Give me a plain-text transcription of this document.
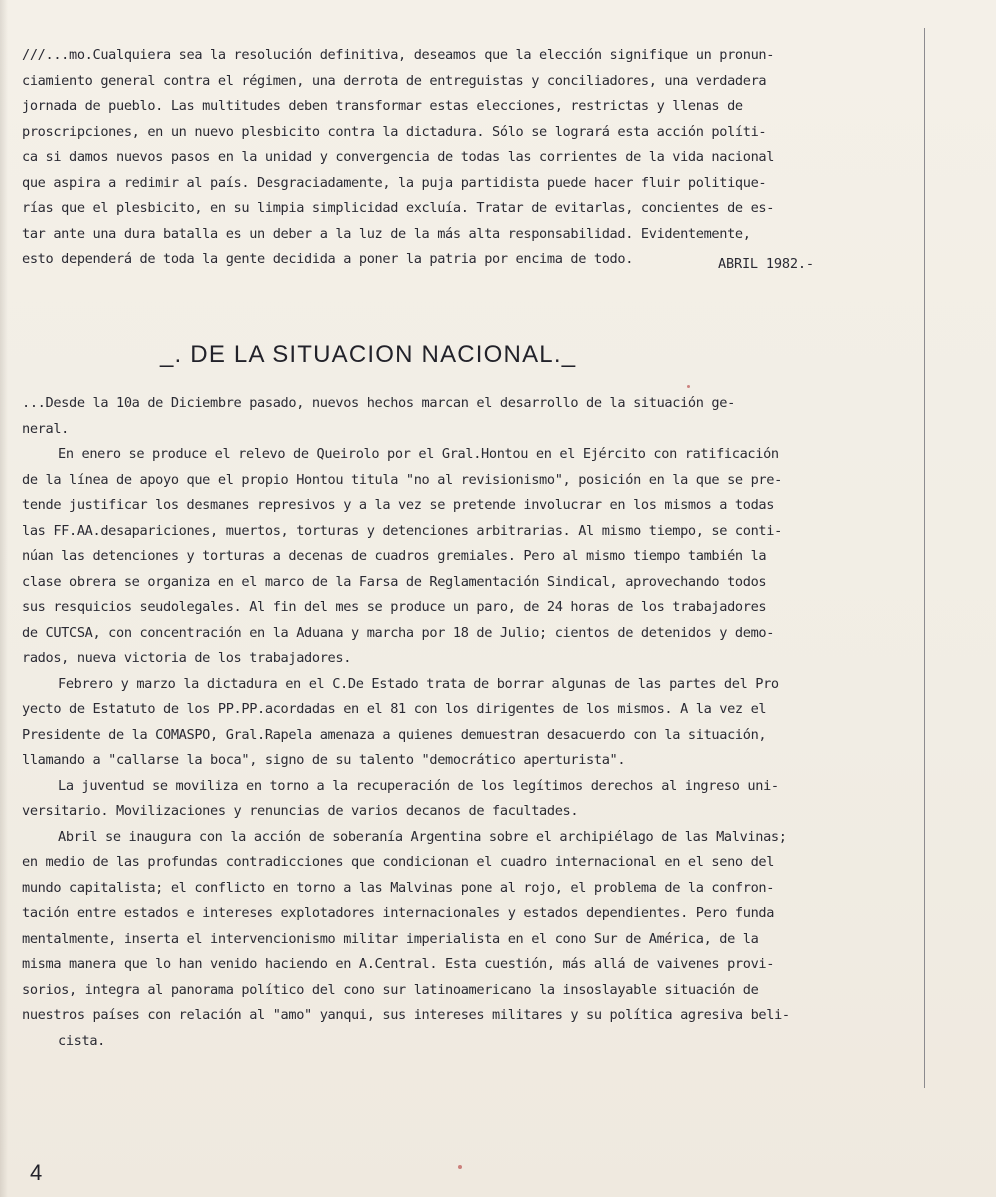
///...mo.Cualquiera sea la resolución definitiva, deseamos que la elección signifique un pronun-
ciamiento general contra el régimen, una derrota de entreguistas y conciliadores, una verdadera
jornada de pueblo. Las multitudes deben transformar estas elecciones, restrictas y llenas de
proscripciones, en un nuevo plesbicito contra la dictadura. Sólo se logrará esta acción políti-
ca si damos nuevos pasos en la unidad y convergencia de todas las corrientes de la vida nacional
que aspira a redimir al país. Desgraciadamente, la puja partidista puede hacer fluir politique-
rías que el plesbicito, en su limpia simplicidad excluía. Tratar de evitarlas, concientes de es-
tar ante una dura batalla es un deber a la luz de la más alta responsabilidad. Evidentemente,
esto dependerá de toda la gente decidida a poner la patria por encima de todo.	ABRIL 1982.-
_. DE LA SITUACION NACIONAL._
...Desde la 10a de Diciembre pasado, nuevos hechos marcan el desarrollo de la situación ge-
neral.
En enero se produce el relevo de Queirolo por el Gral.Hontou en el Ejército con ratificación
de la línea de apoyo que el propio Hontou titula "no al revisionismo", posición en la que se pre-
tende justificar los desmanes represivos y a la vez se pretende involucrar en los mismos a todas
las FF.AA.desapariciones, muertos, torturas y detenciones arbitrarias. Al mismo tiempo, se conti-
núan las detenciones y torturas a decenas de cuadros gremiales. Pero al mismo tiempo también la
clase obrera se organiza en el marco de la Farsa de Reglamentación Sindical, aprovechando todos
sus resquicios seudolegales. Al fin del mes se produce un paro, de 24 horas de los trabajadores
de CUTCSA, con concentración en la Aduana y marcha por 18 de Julio; cientos de detenidos y demo-
rados, nueva victoria de los trabajadores.
Febrero y marzo la dictadura en el C.De Estado trata de borrar algunas de las partes del Pro
yecto de Estatuto de los PP.PP.acordadas en el 81 con los dirigentes de los mismos. A la vez el
Presidente de la COMASPO, Gral.Rapela amenaza a quienes demuestran desacuerdo con la situación,
llamando a "callarse la boca", signo de su talento "democrático aperturista".
La juventud se moviliza en torno a la recuperación de los legítimos derechos al ingreso uni-
versitario. Movilizaciones y renuncias de varios decanos de facultades.
Abril se inaugura con la acción de soberanía Argentina sobre el archipiélago de las Malvinas;
en medio de las profundas contradicciones que condicionan el cuadro internacional en el seno del
mundo capitalista; el conflicto en torno a las Malvinas pone al rojo, el problema de la confron-
tación entre estados e intereses explotadores internacionales y estados dependientes. Pero funda
mentalmente, inserta el intervencionismo militar imperialista en el cono Sur de América, de la
misma manera que lo han venido haciendo en A.Central. Esta cuestión, más allá de vaivenes provi-
sorios, integra al panorama político del cono sur latinoamericano la insoslayable situación de
nuestros países con relación al "amo" yanqui, sus intereses militares y su política agresiva beli-
cista.
4
